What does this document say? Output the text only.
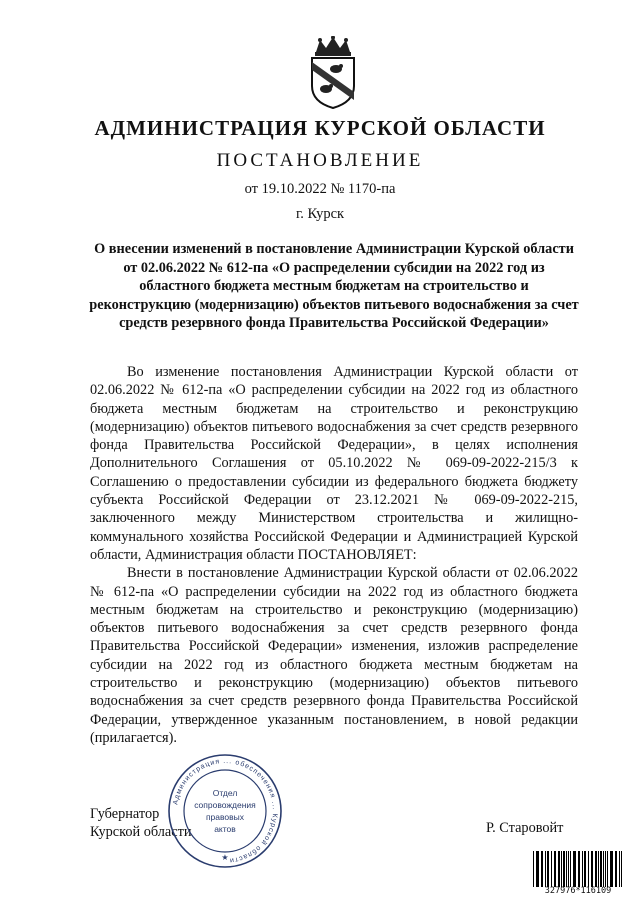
АДМИНИСТРАЦИЯ КУРСКОЙ ОБЛАСТИ
ПОСТАНОВЛЕНИЕ
от 19.10.2022 № 1170-па
г. Курск

О внесении изменений в постановление Администрации Курской области от 02.06.2022 № 612-па «О распределении субсидии на 2022 год из областного бюджета местным бюджетам на строительство и реконструкцию (модернизацию) объектов питьевого водоснабжения за счет средств резервного фонда Правительства Российской Федерации»

Во изменение постановления Администрации Курской области от 02.06.2022 № 612-па «О распределении субсидии на 2022 год из областного бюджета местным бюджетам на строительство и реконструкцию (модернизацию) объектов питьевого водоснабжения за счет средств резервного фонда Правительства Российской Федерации», в целях исполнения Дополнительного Соглашения от 05.10.2022 № 069-09-2022-215/3 к Соглашению о предоставлении субсидии из федерального бюджета бюджету субъекта Российской Федерации от 23.12.2021 № 069-09-2022-215, заключенного между Министерством строительства и жилищно-коммунального хозяйства Российской Федерации и Администрацией Курской области, Администрация области ПОСТАНОВЛЯЕТ:

Внести в постановление Администрации Курской области от 02.06.2022 № 612-па «О распределении субсидии на 2022 год из областного бюджета местным бюджетам на строительство и реконструкцию (модернизацию) объектов питьевого водоснабжения за счет средств резервного фонда Правительства Российской Федерации» изменения, изложив распределение субсидии на 2022 год из областного бюджета местным бюджетам на строительство и реконструкцию (модернизацию) объектов питьевого водоснабжения за счет средств резервного фонда Правительства Российской Федерации, утвержденное указанным постановлением, в новой редакции (прилагается).

Губернатор
Курской области	Р. Старовойт
Администрация ... обеспечения ... Курской области
Отдел
сопровождения
правовых
актов
★
327976*116109
